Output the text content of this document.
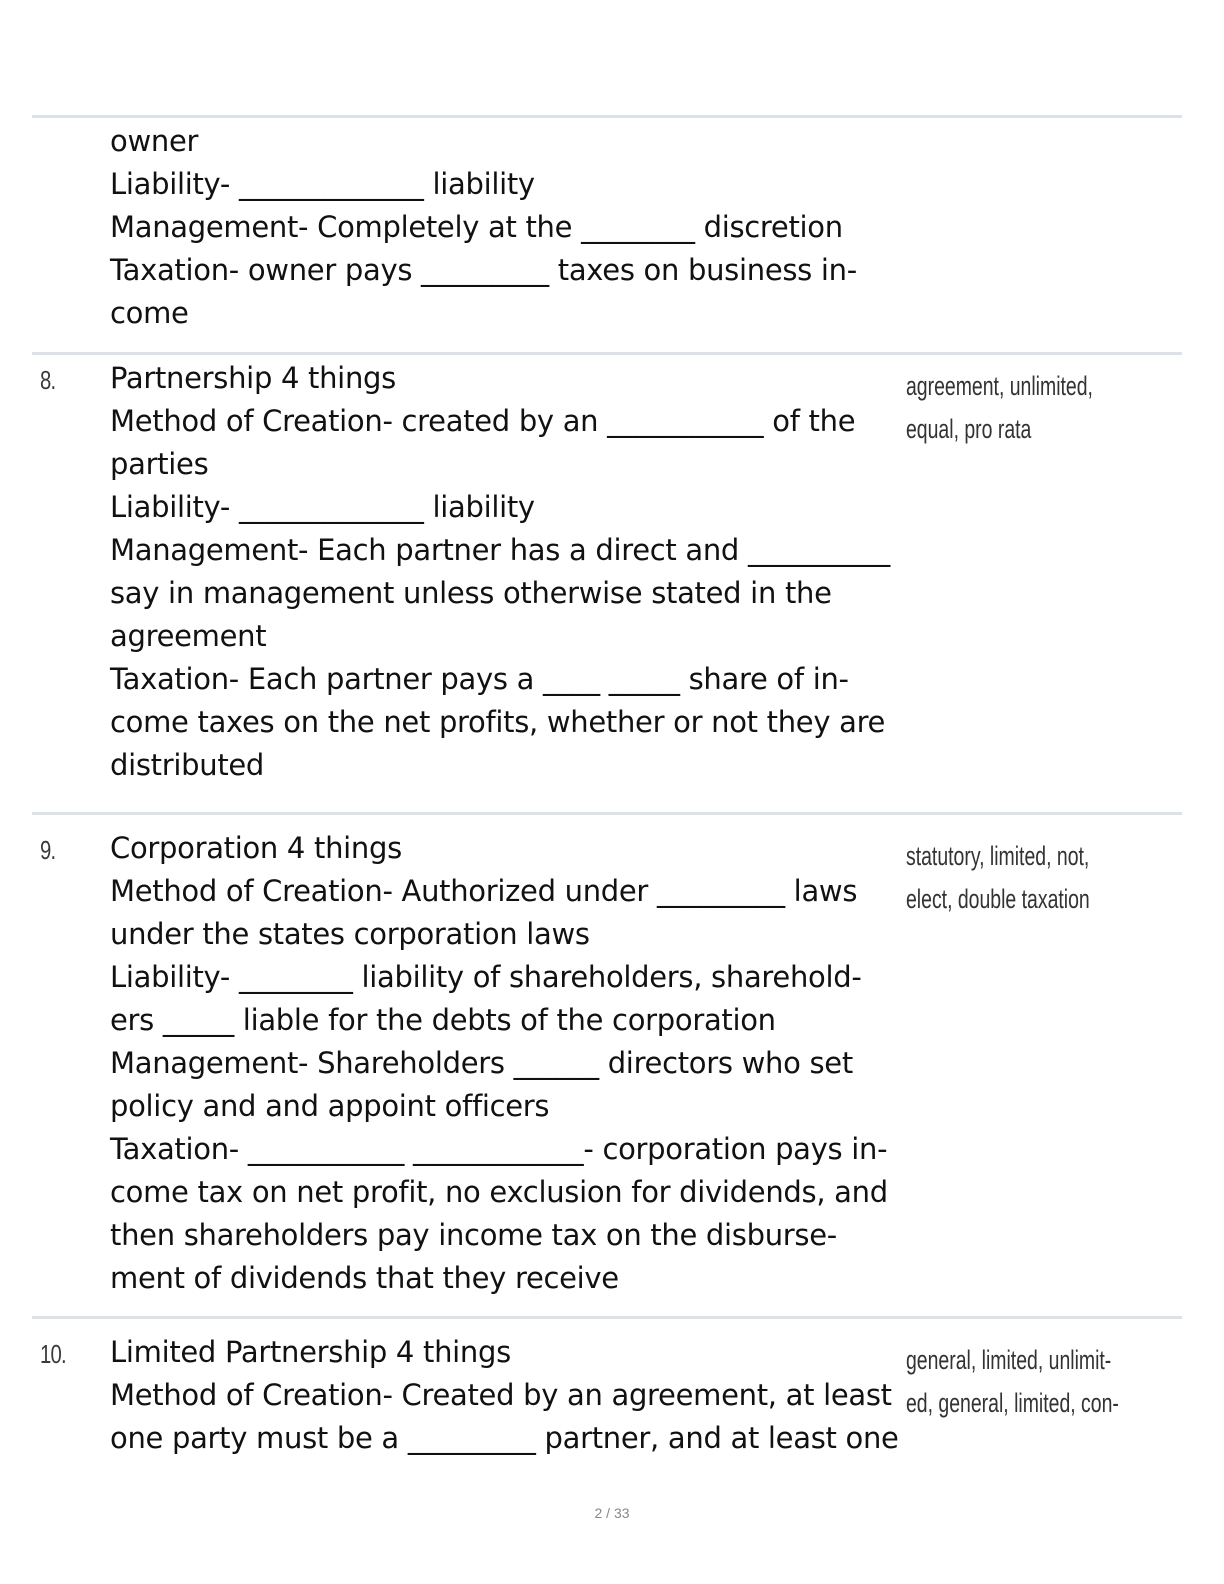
owner
Liability- _____________ liability
Management- Completely at the ________ discretion
Taxation- owner pays _________ taxes on business in-
come
8. Partnership 4 things
Method of Creation- created by an ___________ of the
parties
Liability- _____________ liability
Management- Each partner has a direct and __________
say in management unless otherwise stated in the
agreement
Taxation- Each partner pays a ____ _____ share of in-
come taxes on the net profits, whether or not they are
distributed
agreement, unlimited,
equal, pro rata
9. Corporation 4 things
Method of Creation- Authorized under _________ laws
under the states corporation laws
Liability- ________ liability of shareholders, sharehold-
ers _____ liable for the debts of the corporation
Management- Shareholders ______ directors who set
policy and and appoint officers
Taxation- ___________ ____________- corporation pays in-
come tax on net profit, no exclusion for dividends, and
then shareholders pay income tax on the disburse-
ment of dividends that they receive
statutory, limited, not,
elect, double taxation
10. Limited Partnership 4 things
Method of Creation- Created by an agreement, at least
one party must be a _________ partner, and at least one
general, limited, unlimit-
ed, general, limited, con-
2 / 33
